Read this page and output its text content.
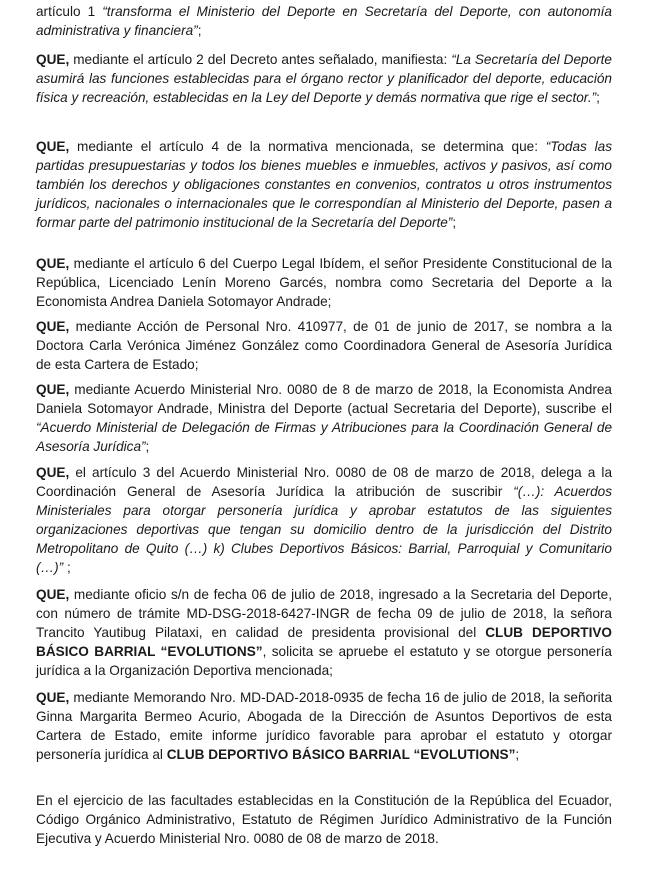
artículo 1 “transforma el Ministerio del Deporte en Secretaría del Deporte, con autonomía administrativa y financiera”;

QUE, mediante el artículo 2 del Decreto antes señalado, manifiesta: “La Secretaría del Deporte asumirá las funciones establecidas para el órgano rector y planificador del deporte, educación física y recreación, establecidas en la Ley del Deporte y demás normativa que rige el sector.”;

QUE, mediante el artículo 4 de la normativa mencionada, se determina que: “Todas las partidas presupuestarias y todos los bienes muebles e inmuebles, activos y pasivos, así como también los derechos y obligaciones constantes en convenios, contratos u otros instrumentos jurídicos, nacionales o internacionales que le correspondían al Ministerio del Deporte, pasen a formar parte del patrimonio institucional de la Secretaría del Deporte”;

QUE, mediante el artículo 6 del Cuerpo Legal Ibídem, el señor Presidente Constitucional de la República, Licenciado Lenín Moreno Garcés, nombra como Secretaria del Deporte a la Economista Andrea Daniela Sotomayor Andrade;

QUE, mediante Acción de Personal Nro. 410977, de 01 de junio de 2017, se nombra a la Doctora Carla Verónica Jiménez González como Coordinadora General de Asesoría Jurídica de esta Cartera de Estado;

QUE, mediante Acuerdo Ministerial Nro. 0080 de 8 de marzo de 2018, la Economista Andrea Daniela Sotomayor Andrade, Ministra del Deporte (actual Secretaria del Deporte), suscribe el “Acuerdo Ministerial de Delegación de Firmas y Atribuciones para la Coordinación General de Asesoría Jurídica”;

QUE, el artículo 3 del Acuerdo Ministerial Nro. 0080 de 08 de marzo de 2018, delega a la Coordinación General de Asesoría Jurídica la atribución de suscribir “(…): Acuerdos Ministeriales para otorgar personería jurídica y aprobar estatutos de las siguientes organizaciones deportivas que tengan su domicilio dentro de la jurisdicción del Distrito Metropolitano de Quito (…) k) Clubes Deportivos Básicos: Barrial, Parroquial y Comunitario (…)” ;

QUE, mediante oficio s/n de fecha 06 de julio de 2018, ingresado a la Secretaria del Deporte, con número de trámite MD-DSG-2018-6427-INGR de fecha 09 de julio de 2018, la señora Trancito Yautibug Pilataxi, en calidad de presidenta provisional del CLUB DEPORTIVO BÁSICO BARRIAL “EVOLUTIONS”, solicita se apruebe el estatuto y se otorgue personería jurídica a la Organización Deportiva mencionada;

QUE, mediante Memorando Nro. MD-DAD-2018-0935 de fecha 16 de julio de 2018, la señorita Ginna Margarita Bermeo Acurio, Abogada de la Dirección de Asuntos Deportivos de esta Cartera de Estado, emite informe jurídico favorable para aprobar el estatuto y otorgar personería jurídica al CLUB DEPORTIVO BÁSICO BARRIAL “EVOLUTIONS”;

En el ejercicio de las facultades establecidas en la Constitución de la República del Ecuador, Código Orgánico Administrativo, Estatuto de Régimen Jurídico Administrativo de la Función Ejecutiva y Acuerdo Ministerial Nro. 0080 de 08 de marzo de 2018.
